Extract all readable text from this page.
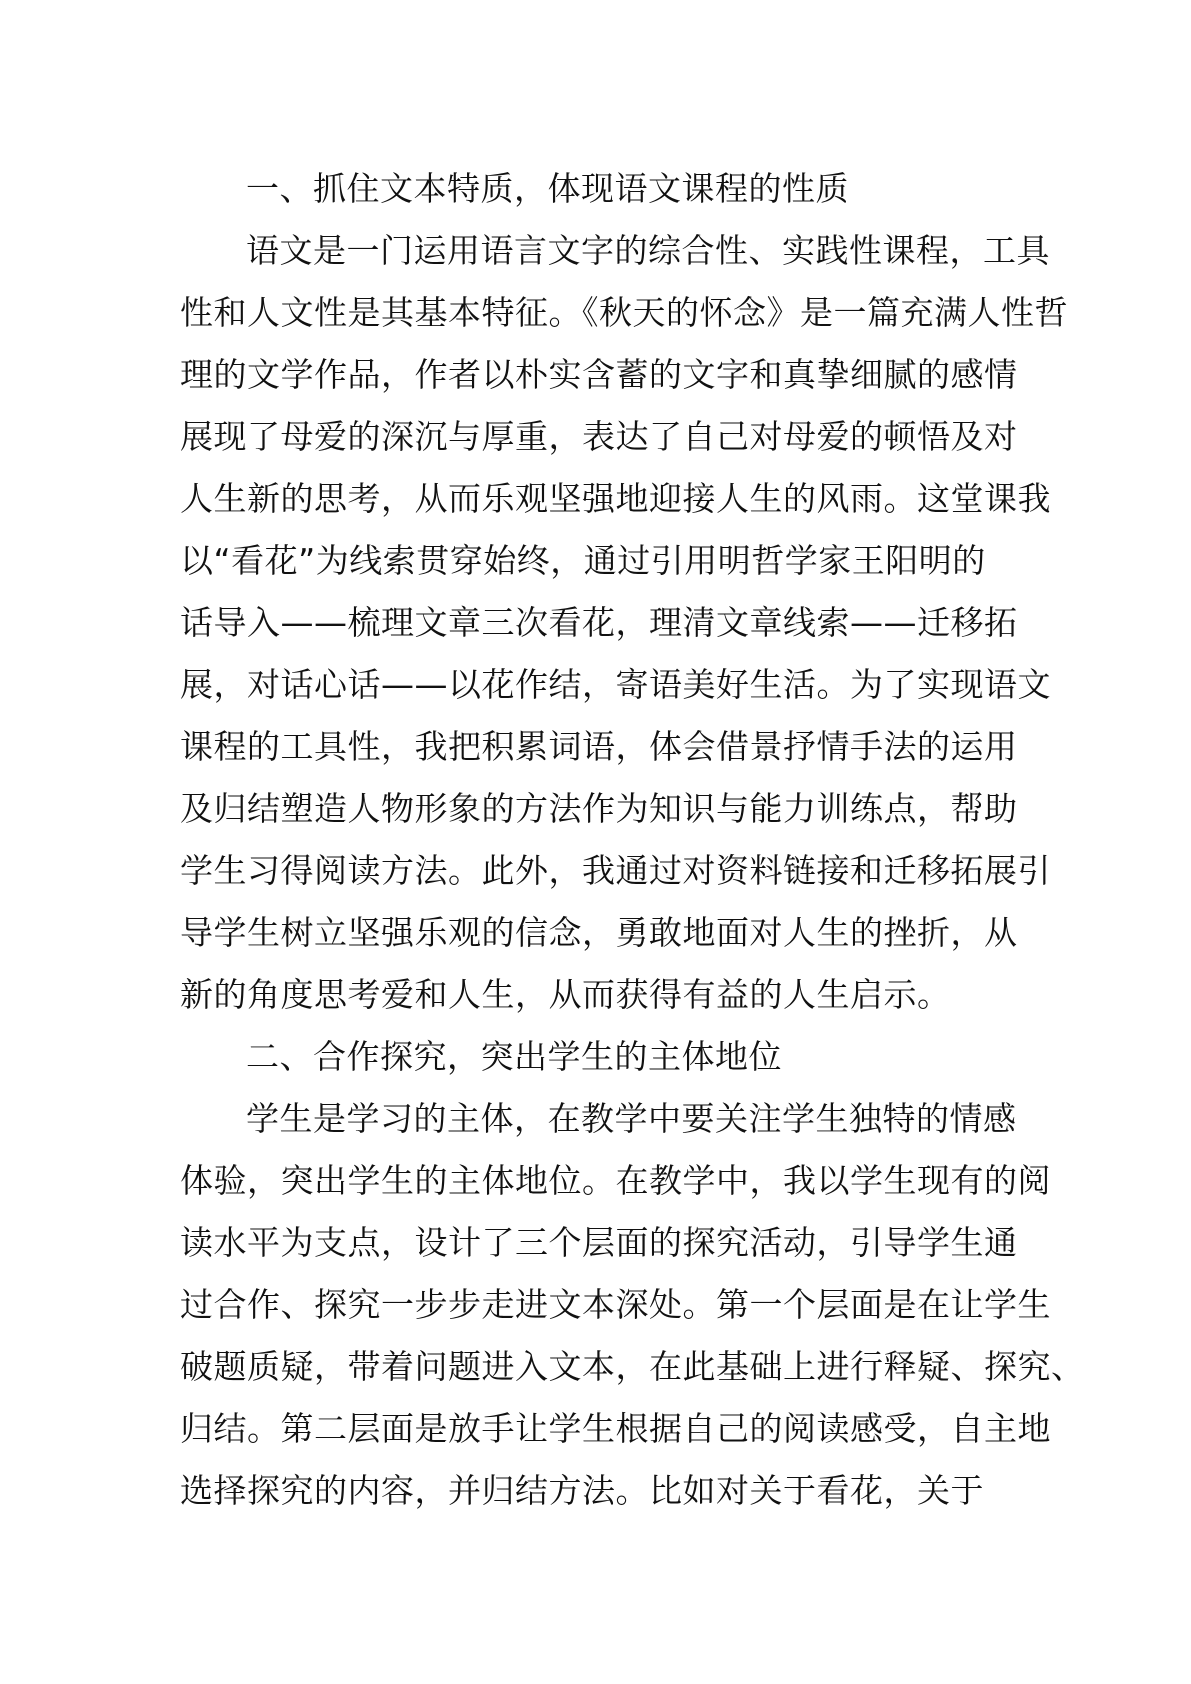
一、抓住文本特质，体现语文课程的性质
语文是一门运用语言文字的综合性、实践性课程，工具
性和人文性是其基本特征。《秋天的怀念》是一篇充满人性哲
理的文学作品，作者以朴实含蓄的文字和真挚细腻的感情
展现了母爱的深沉与厚重，表达了自己对母爱的顿悟及对
人生新的思考，从而乐观坚强地迎接人生的风雨。这堂课我
以“看花”为线索贯穿始终，通过引用明哲学家王阳明的
话导入——梳理文章三次看花，理清文章线索——迁移拓
展，对话心话——以花作结，寄语美好生活。为了实现语文
课程的工具性，我把积累词语，体会借景抒情手法的运用
及归结塑造人物形象的方法作为知识与能力训练点，帮助
学生习得阅读方法。此外，我通过对资料链接和迁移拓展引
导学生树立坚强乐观的信念，勇敢地面对人生的挫折，从
新的角度思考爱和人生，从而获得有益的人生启示。
二、合作探究，突出学生的主体地位
学生是学习的主体，在教学中要关注学生独特的情感
体验，突出学生的主体地位。在教学中，我以学生现有的阅
读水平为支点，设计了三个层面的探究活动，引导学生通
过合作、探究一步步走进文本深处。第一个层面是在让学生
破题质疑，带着问题进入文本，在此基础上进行释疑、探究、
归结。第二层面是放手让学生根据自己的阅读感受，自主地
选择探究的内容，并归结方法。比如对关于看花，关于
